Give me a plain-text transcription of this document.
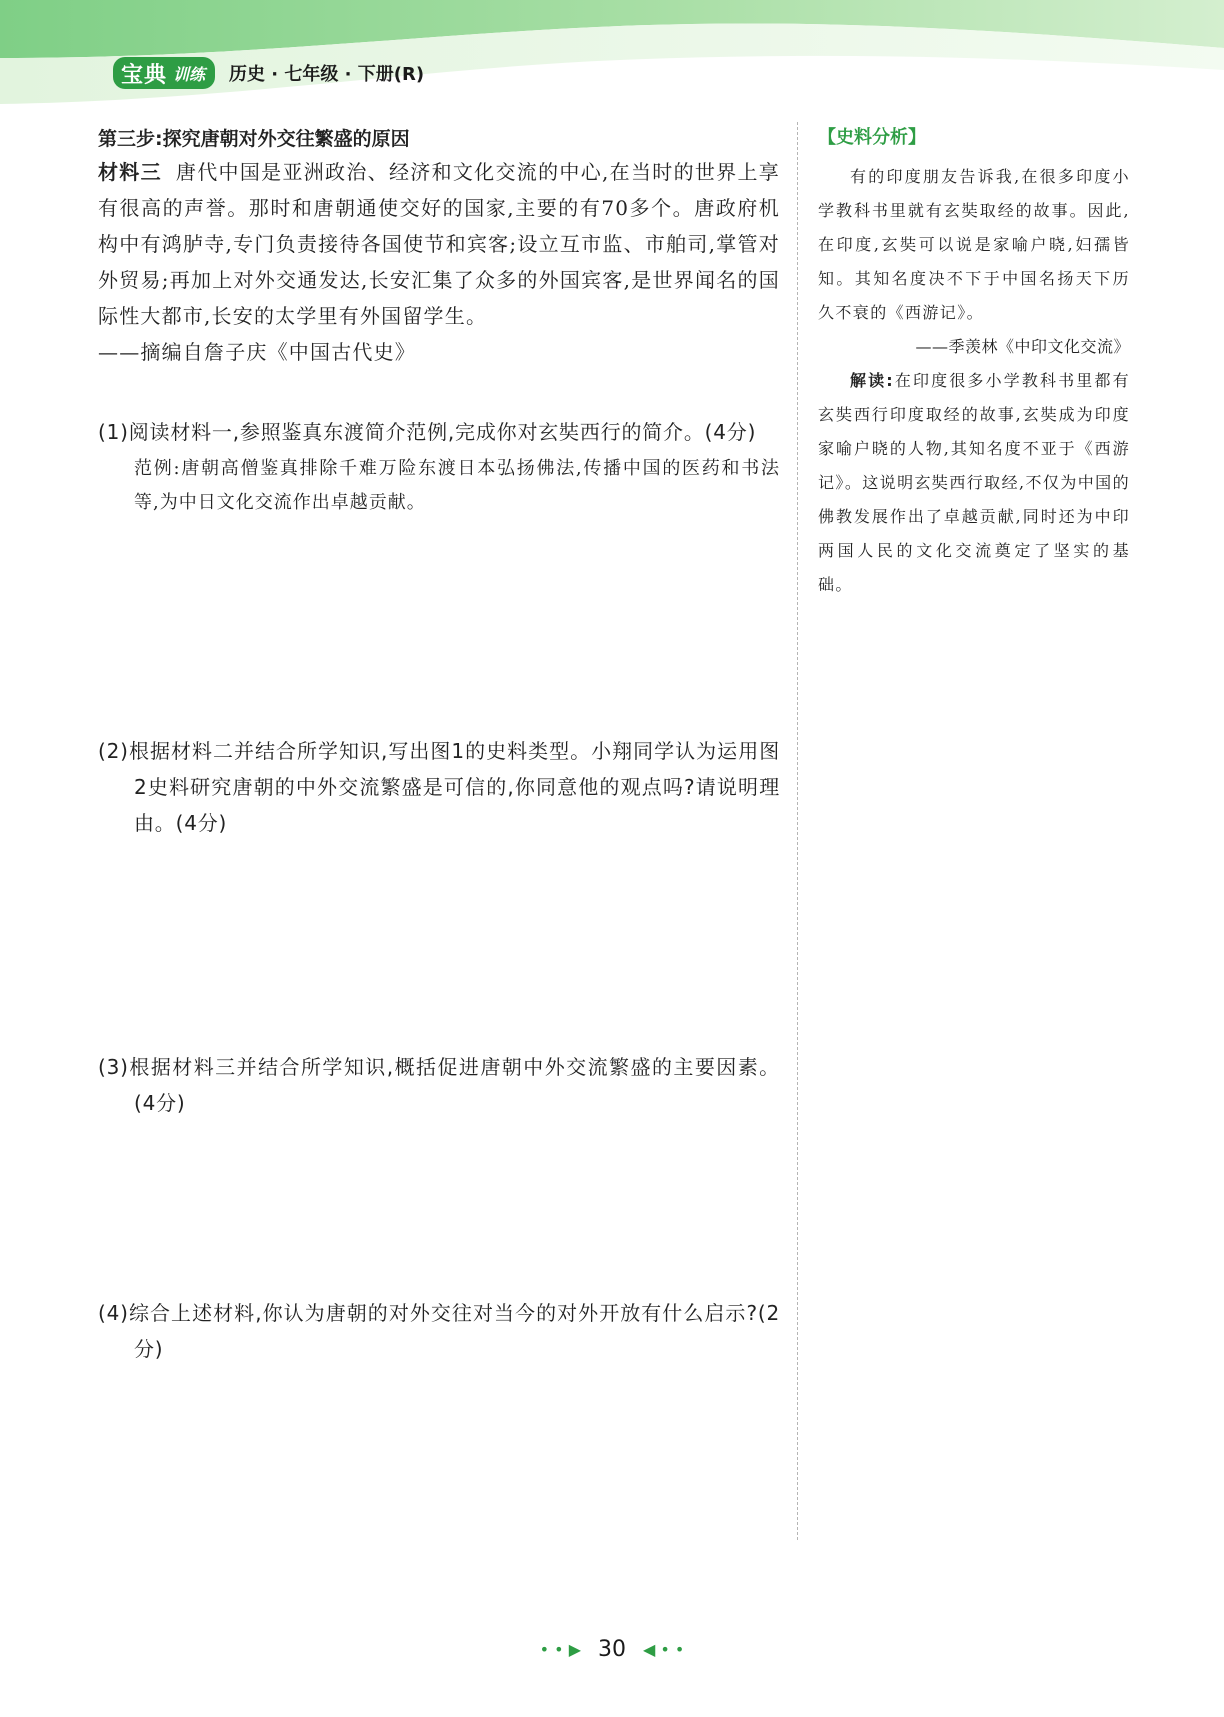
宝典 训练 历史 · 七年级 · 下册(R)

第三步:探究唐朝对外交往繁盛的原因

材料三 唐代中国是亚洲政治、经济和文化交流的中心,在当时的世界上享有很高的声誉。那时和唐朝通使交好的国家,主要的有70多个。唐政府机构中有鸿胪寺,专门负责接待各国使节和宾客;设立互市监、市舶司,掌管对外贸易;再加上对外交通发达,长安汇集了众多的外国宾客,是世界闻名的国际性大都市,长安的太学里有外国留学生。

——摘编自詹子庆《中国古代史》

(1)阅读材料一,参照鉴真东渡简介范例,完成你对玄奘西行的简介。(4分)

范例:唐朝高僧鉴真排除千难万险东渡日本弘扬佛法,传播中国的医药和书法等,为中日文化交流作出卓越贡献。

(2)根据材料二并结合所学知识,写出图1的史料类型。小翔同学认为运用图2史料研究唐朝的中外交流繁盛是可信的,你同意他的观点吗?请说明理由。(4分)

(3)根据材料三并结合所学知识,概括促进唐朝中外交流繁盛的主要因素。(4分)

(4)综合上述材料,你认为唐朝的对外交往对当今的对外开放有什么启示?(2分)

【史料分析】

有的印度朋友告诉我,在很多印度小学教科书里就有玄奘取经的故事。因此,在印度,玄奘可以说是家喻户晓,妇孺皆知。其知名度决不下于中国名扬天下历久不衰的《西游记》。

——季羡林《中印文化交流》

解读:在印度很多小学教科书里都有玄奘西行印度取经的故事,玄奘成为印度家喻户晓的人物,其知名度不亚于《西游记》。这说明玄奘西行取经,不仅为中国的佛教发展作出了卓越贡献,同时还为中印两国人民的文化交流奠定了坚实的基础。

• • ▶ 30 ◀ • •
